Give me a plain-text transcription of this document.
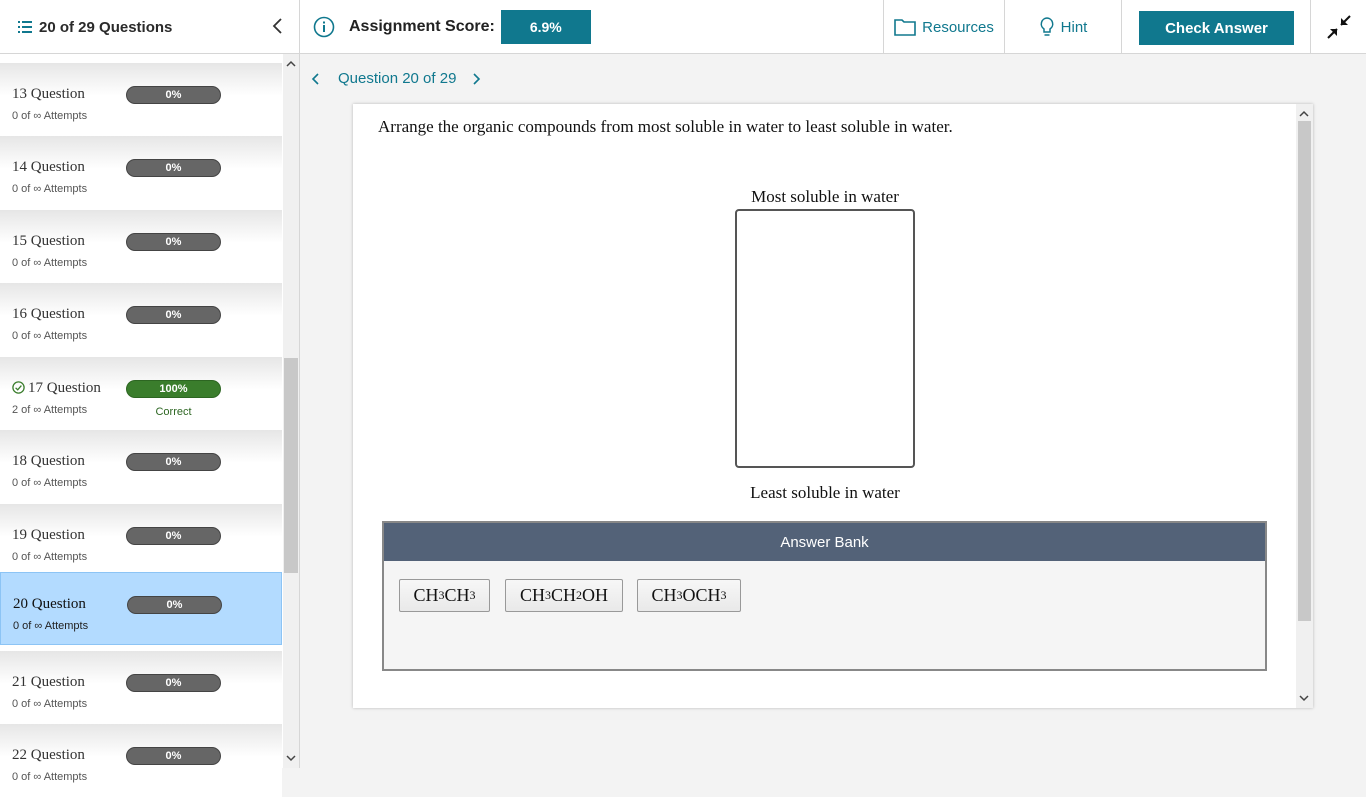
20 of 29 Questions	Assignment Score:	6.9%	Resources	Hint	Check Answer
13 Question	0%
0 of ∞ Attempts
14 Question	0%
0 of ∞ Attempts
15 Question	0%
0 of ∞ Attempts
16 Question	0%
0 of ∞ Attempts
17 Question	100%
2 of ∞ Attempts	Correct
18 Question	0%
0 of ∞ Attempts
19 Question	0%
0 of ∞ Attempts
20 Question	0%
0 of ∞ Attempts
21 Question	0%
0 of ∞ Attempts
22 Question	0%
0 of ∞ Attempts
Question 20 of 29
Arrange the organic compounds from most soluble in water to least soluble in water.
Most soluble in water
Least soluble in water
Answer Bank
CH 3 CH 3 CH 3 CH 2 OH CH 3 OCH 3
